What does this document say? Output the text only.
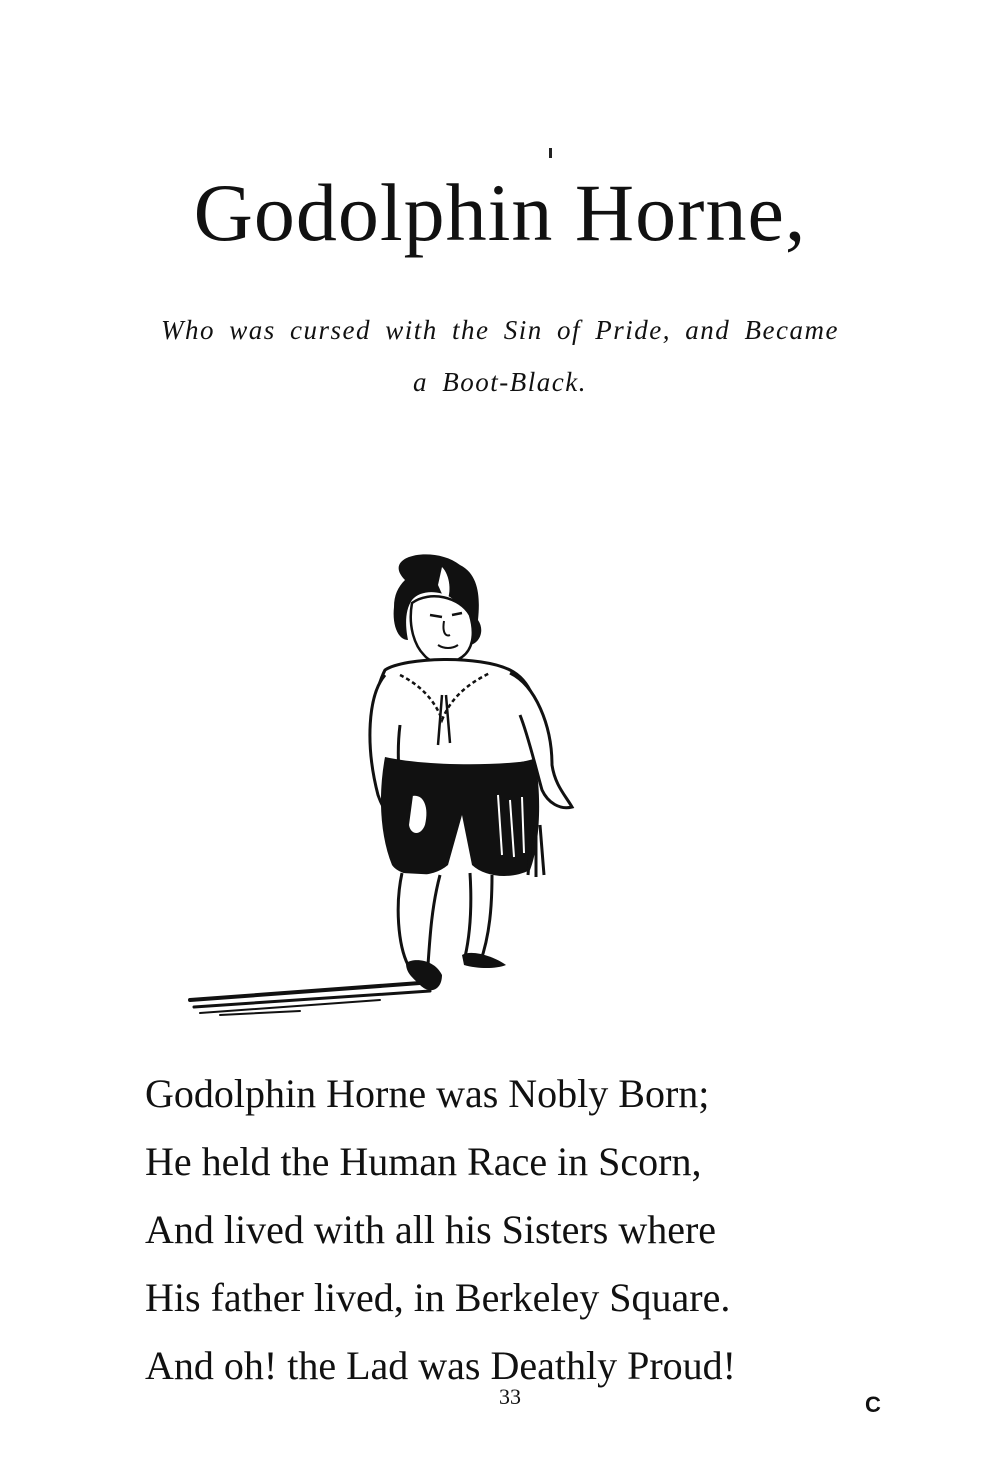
Godolphin Horne,

Who was cursed with the Sin of Pride, and Became
a Boot-Black.

Godolphin Horne was Nobly Born;
He held the Human Race in Scorn,
And lived with all his Sisters where
His father lived, in Berkeley Square.
And oh! the Lad was Deathly Proud!
33	C
